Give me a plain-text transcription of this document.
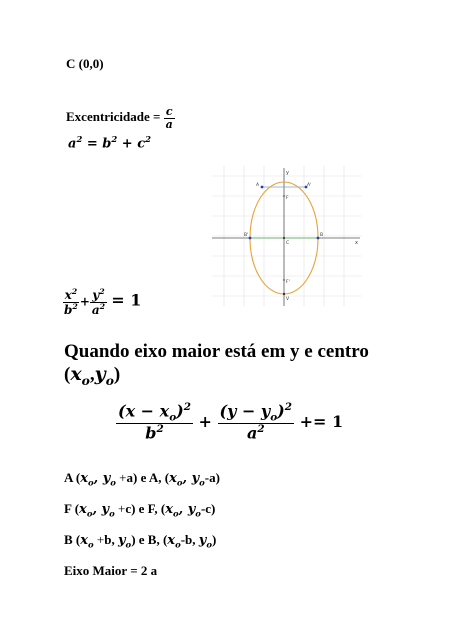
C (0,0)
Excentricidade = $\frac{c}{a}$
$a^2 = b^2 + c^2$
x
y
A	A'
B'	B
F
F'
V
C
$\frac{x^2}{b^2} + \frac{y^2}{a^2} = 1$
Quando eixo maior está em y e centro
$(x_o,y_o)$
$\frac{(x - x_o)^2}{b^2} + \frac{(y - y_o)^2}{a^2} += 1$
A ($x_o$, $y_o +a$) e A, ($x_o$, $y_o-a$)
F ($x_o$, $y_o +c$) e F, ($x_o$, $y_o-c$)
B ($x_o +b$, $y_o$) e B, ($x_o-b$, $y_o$)
Eixo Maior = 2 a
